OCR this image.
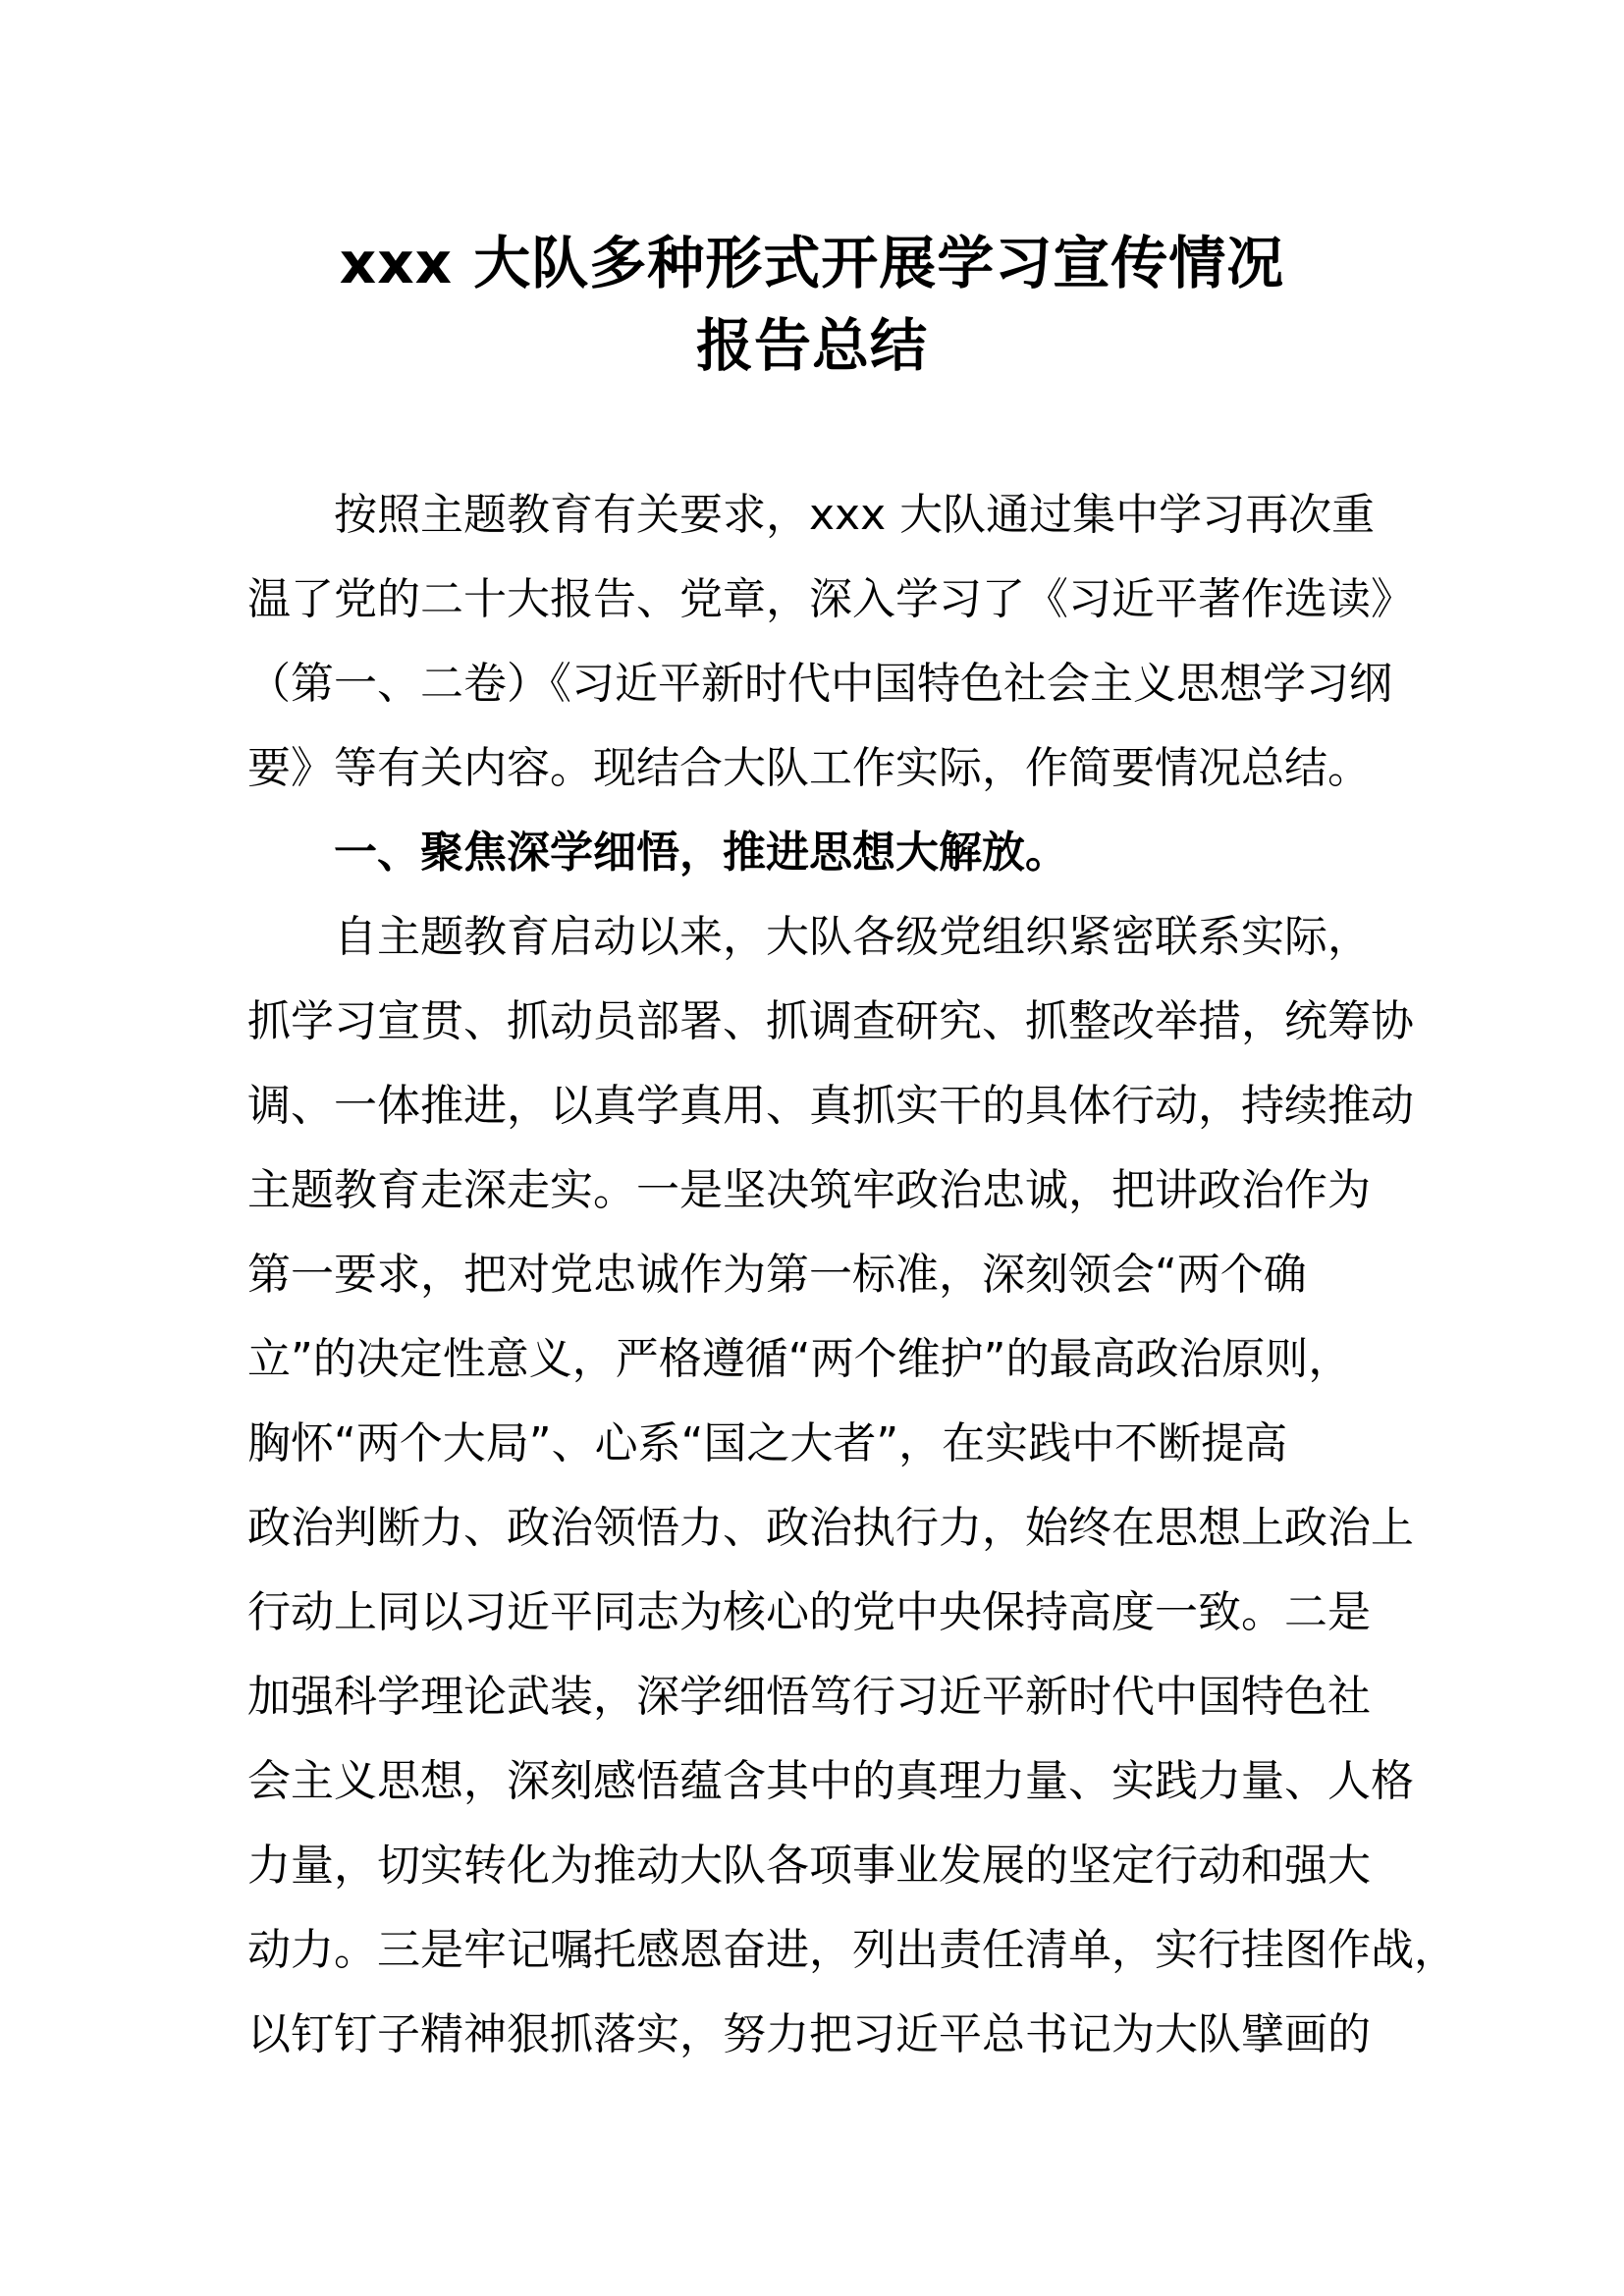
xxx 大队多种形式开展学习宣传情况
报告总结
按照主题教育有关要求，xxx 大队通过集中学习再次重
温了党的二十大报告、党章，深入学习了《习近平著作选读》
（第一、二卷）《习近平新时代中国特色社会主义思想学习纲
要》等有关内容。现结合大队工作实际，作简要情况总结。
一、聚焦深学细悟，推进思想大解放。
自主题教育启动以来，大队各级党组织紧密联系实际，
抓学习宣贯、抓动员部署、抓调查研究、抓整改举措，统筹协
调、一体推进，以真学真用、真抓实干的具体行动，持续推动
主题教育走深走实。一是坚决筑牢政治忠诚，把讲政治作为
第一要求，把对党忠诚作为第一标准，深刻领会“两个确
立”的决定性意义，严格遵循“两个维护”的最高政治原则，
胸怀“两个大局”、心系“国之大者”，在实践中不断提高
政治判断力、政治领悟力、政治执行力，始终在思想上政治上
行动上同以习近平同志为核心的党中央保持高度一致。二是
加强科学理论武装，深学细悟笃行习近平新时代中国特色社
会主义思想，深刻感悟蕴含其中的真理力量、实践力量、人格
力量，切实转化为推动大队各项事业发展的坚定行动和强大
动力。三是牢记嘱托感恩奋进，列出责任清单，实行挂图作战，
以钉钉子精神狠抓落实，努力把习近平总书记为大队擘画的
